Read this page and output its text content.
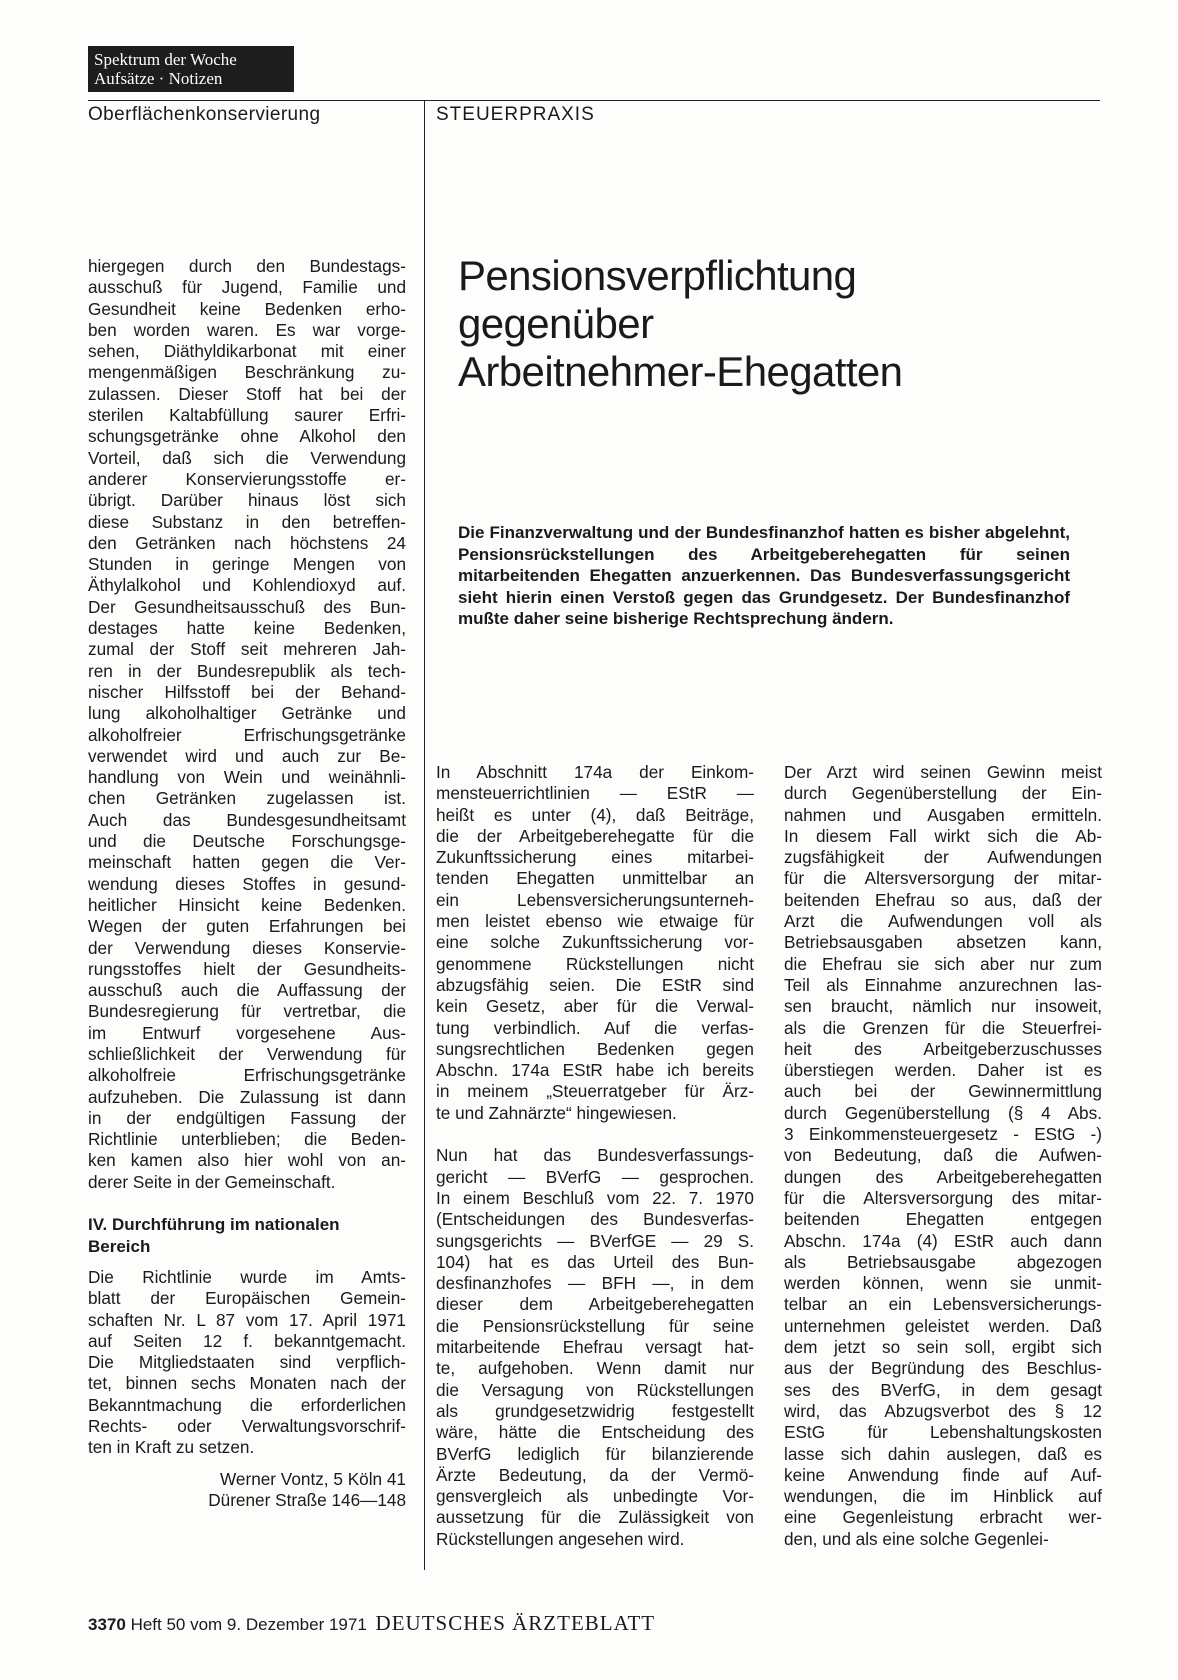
Spektrum der Woche
Aufsätze · Notizen
Oberflächenkonservierung	STEUERPRAXIS
Pensionsverpflichtung
gegenüber
Arbeitnehmer-Ehegatten
Die Finanzverwaltung und der Bundesfinanzhof hatten es bisher abgelehnt, Pensionsrückstellungen des Arbeitgeberehegatten für seinen mitarbeitenden Ehegatten anzuerkennen. Das Bundesverfassungsgericht sieht hierin einen Verstoß gegen das Grundgesetz. Der Bundesfinanzhof mußte daher seine bisherige Rechtsprechung ändern.
hiergegen durch den Bundestags-
ausschuß für Jugend, Familie und
Gesundheit keine Bedenken erho-
ben worden waren. Es war vorge-
sehen, Diäthyldikarbonat mit einer
mengenmäßigen Beschränkung zu-
zulassen. Dieser Stoff hat bei der
sterilen Kaltabfüllung saurer Erfri-
schungsgetränke ohne Alkohol den
Vorteil, daß sich die Verwendung
anderer Konservierungsstoffe er-
übrigt. Darüber hinaus löst sich
diese Substanz in den betreffen-
den Getränken nach höchstens 24
Stunden in geringe Mengen von
Äthylalkohol und Kohlendioxyd auf.
Der Gesundheitsausschuß des Bun-
destages hatte keine Bedenken,
zumal der Stoff seit mehreren Jah-
ren in der Bundesrepublik als tech-
nischer Hilfsstoff bei der Behand-
lung alkoholhaltiger Getränke und
alkoholfreier Erfrischungsgetränke
verwendet wird und auch zur Be-
handlung von Wein und weinähnli-
chen Getränken zugelassen ist.
Auch das Bundesgesundheitsamt
und die Deutsche Forschungsge-
meinschaft hatten gegen die Ver-
wendung dieses Stoffes in gesund-
heitlicher Hinsicht keine Bedenken.
Wegen der guten Erfahrungen bei
der Verwendung dieses Konservie-
rungsstoffes hielt der Gesundheits-
ausschuß auch die Auffassung der
Bundesregierung für vertretbar, die
im Entwurf vorgesehene Aus-
schließlichkeit der Verwendung für
alkoholfreie Erfrischungsgetränke
aufzuheben. Die Zulassung ist dann
in der endgültigen Fassung der
Richtlinie unterblieben; die Beden-
ken kamen also hier wohl von an-
derer Seite in der Gemeinschaft.
IV. Durchführung im nationalen
Bereich
Die Richtlinie wurde im Amts-
blatt der Europäischen Gemein-
schaften Nr. L 87 vom 17. April 1971
auf Seiten 12 f. bekanntgemacht.
Die Mitgliedstaaten sind verpflich-
tet, binnen sechs Monaten nach der
Bekanntmachung die erforderlichen
Rechts- oder Verwaltungsvorschrif-
ten in Kraft zu setzen.
Werner Vontz, 5 Köln 41
Dürener Straße 146—148
In Abschnitt 174a der Einkom-
mensteuerrichtlinien — EStR —
heißt es unter (4), daß Beiträge,
die der Arbeitgeberehegatte für die
Zukunftssicherung eines mitarbei-
tenden Ehegatten unmittelbar an
ein Lebensversicherungsunterneh-
men leistet ebenso wie etwaige für
eine solche Zukunftssicherung vor-
genommene Rückstellungen nicht
abzugsfähig seien. Die EStR sind
kein Gesetz, aber für die Verwal-
tung verbindlich. Auf die verfas-
sungsrechtlichen Bedenken gegen
Abschn. 174a EStR habe ich bereits
in meinem „Steuerratgeber für Ärz-
te und Zahnärzte“ hingewiesen.
Nun hat das Bundesverfassungs-
gericht — BVerfG — gesprochen.
In einem Beschluß vom 22. 7. 1970
(Entscheidungen des Bundesverfas-
sungsgerichts — BVerfGE — 29 S.
104) hat es das Urteil des Bun-
desfinanzhofes — BFH —, in dem
dieser dem Arbeitgeberehegatten
die Pensionsrückstellung für seine
mitarbeitende Ehefrau versagt hat-
te, aufgehoben. Wenn damit nur
die Versagung von Rückstellungen
als grundgesetzwidrig festgestellt
wäre, hätte die Entscheidung des
BVerfG lediglich für bilanzierende
Ärzte Bedeutung, da der Vermö-
gensvergleich als unbedingte Vor-
aussetzung für die Zulässigkeit von
Rückstellungen angesehen wird.
Der Arzt wird seinen Gewinn meist
durch Gegenüberstellung der Ein-
nahmen und Ausgaben ermitteln.
In diesem Fall wirkt sich die Ab-
zugsfähigkeit der Aufwendungen
für die Altersversorgung der mitar-
beitenden Ehefrau so aus, daß der
Arzt die Aufwendungen voll als
Betriebsausgaben absetzen kann,
die Ehefrau sie sich aber nur zum
Teil als Einnahme anzurechnen las-
sen braucht, nämlich nur insoweit,
als die Grenzen für die Steuerfrei-
heit des Arbeitgeberzuschusses
überstiegen werden. Daher ist es
auch bei der Gewinnermittlung
durch Gegenüberstellung (§ 4 Abs.
3 Einkommensteuergesetz - EStG -)
von Bedeutung, daß die Aufwen-
dungen des Arbeitgeberehegatten
für die Altersversorgung des mitar-
beitenden Ehegatten entgegen
Abschn. 174a (4) EStR auch dann
als Betriebsausgabe abgezogen
werden können, wenn sie unmit-
telbar an ein Lebensversicherungs-
unternehmen geleistet werden. Daß
dem jetzt so sein soll, ergibt sich
aus der Begründung des Beschlus-
ses des BVerfG, in dem gesagt
wird, das Abzugsverbot des § 12
EStG für Lebenshaltungskosten
lasse sich dahin auslegen, daß es
keine Anwendung finde auf Auf-
wendungen, die im Hinblick auf
eine Gegenleistung erbracht wer-
den, und als eine solche Gegenlei-
3370 Heft 50 vom 9. Dezember 1971 DEUTSCHES ÄRZTEBLATT
